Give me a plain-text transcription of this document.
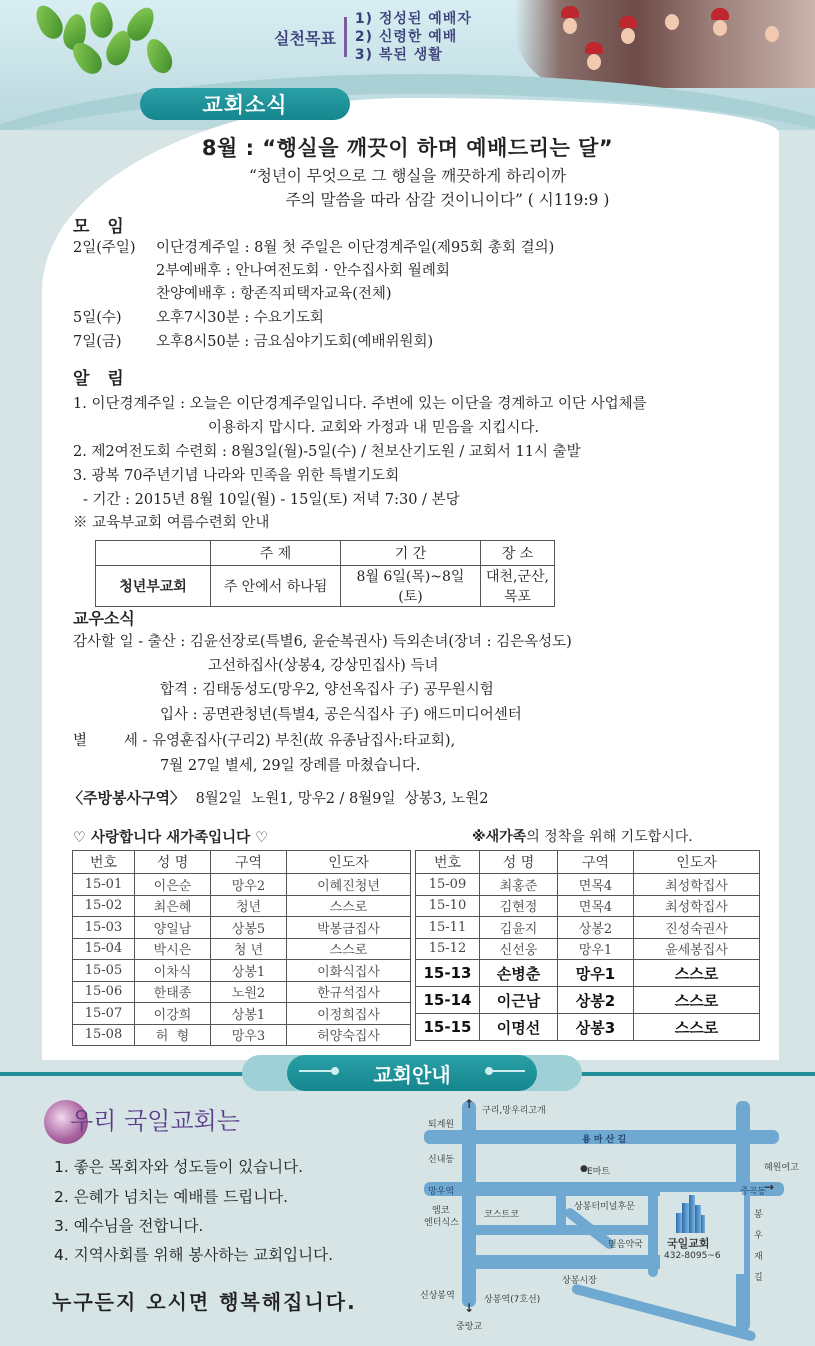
실천목표
1) 정성된 예배자
2) 신령한 예배
3) 복된 생활
교회소식
8월 : “행실을 깨끗이 하며 예배드리는 달”
“청년이 무엇으로 그 행실을 깨끗하게 하리이까
주의 말씀을 따라 삼갈 것이니이다” ( 시119:9 )
모 임
2일(주일) 이단경계주일 : 8월 첫 주일은 이단경계주일(제95회 총회 결의)
2부예배후 : 안나여전도회 · 안수집사회 월례회
찬양예배후 : 항존직피택자교육(전체)
5일(수) 오후7시30분 : 수요기도회
7일(금) 오후8시50분 : 금요심야기도회(예배위원회)
알 림
1. 이단경계주일 : 오늘은 이단경계주일입니다. 주변에 있는 이단을 경계하고 이단 사업체를
이용하지 맙시다. 교회와 가정과 내 믿음을 지킵시다.
2. 제2여전도회 수련회 : 8월3일(월)-5일(수) / 천보산기도원 / 교회서 11시 출발
3. 광복 70주년기념 나라와 민족을 위한 특별기도회
- 기간 : 2015년 8월 10일(월) - 15일(토) 저녁 7:30 / 본당
※ 교육부교회 여름수련회 안내
	주 제	기 간	장 소
청년부교회	주 안에서 하나됨	8월 6일(목)~8일(토)	대천,군산,목포
교우소식
감사할 일 - 출산 : 김윤선장로(특별6, 윤순복권사) 득외손녀(장녀 : 김은옥성도)
고선하집사(상봉4, 강상민집사) 득녀
합격 : 김태동성도(망우2, 양선옥집사 子) 공무원시험
입사 : 공면관청년(특별4, 공은식집사 子) 애드미디어센터
별        세 - 유영훈집사(구리2) 부친(故 유종남집사:타교회),
7월 27일 별세, 29일 장례를 마쳤습니다.
〈주방봉사구역〉 8월2일  노원1, 망우2 / 8월9일  상봉3, 노원2
♡ 사랑합니다 새가족입니다 ♡	※새가족의 정착을 위해 기도합시다.
번호	성 명	구역	인도자
15-01	이은순	망우2	이혜진청년
15-02	최은혜	청년	스스로
15-03	양일남	상봉5	박봉금집사
15-04	박시은	청 년	스스로
15-05	이차식	상봉1	이화식집사
15-06	한태종	노원2	한규석집사
15-07	이강희	상봉1	이정희집사
15-08	허  형	망우3	허양숙집사
번호	성 명	구역	인도자
15-09	최홍준	면목4	최성학집사
15-10	김현정	면목4	최성학집사
15-11	김윤지	상봉2	진성숙권사
15-12	신선웅	망우1	윤세봉집사
15-13	손병춘	망우1	스스로
15-14	이근남	상봉2	스스로
15-15	이명선	상봉3	스스로
교회안내
우리 국일교회는
1. 좋은 목회자와 성도들이 있습니다.
2. 은혜가 넘치는 예배를 드립니다.
3. 예수님을 전합니다.
4. 지역사회를 위해 봉사하는 교회입니다.
누구든지 오시면 행복해집니다.
국일교회
432-8095~6
↑ 구리,망우리고개
퇴계원
신내동
망우역
용 마 산 길
E마트
●	혜원여고
중곡동
→
엠코
엔터식스
코스트코
상봉터미널후문
믿음약국
봉
우
재
길
상봉시장
신상봉역	상봉역(7호선)
↓
중랑교
